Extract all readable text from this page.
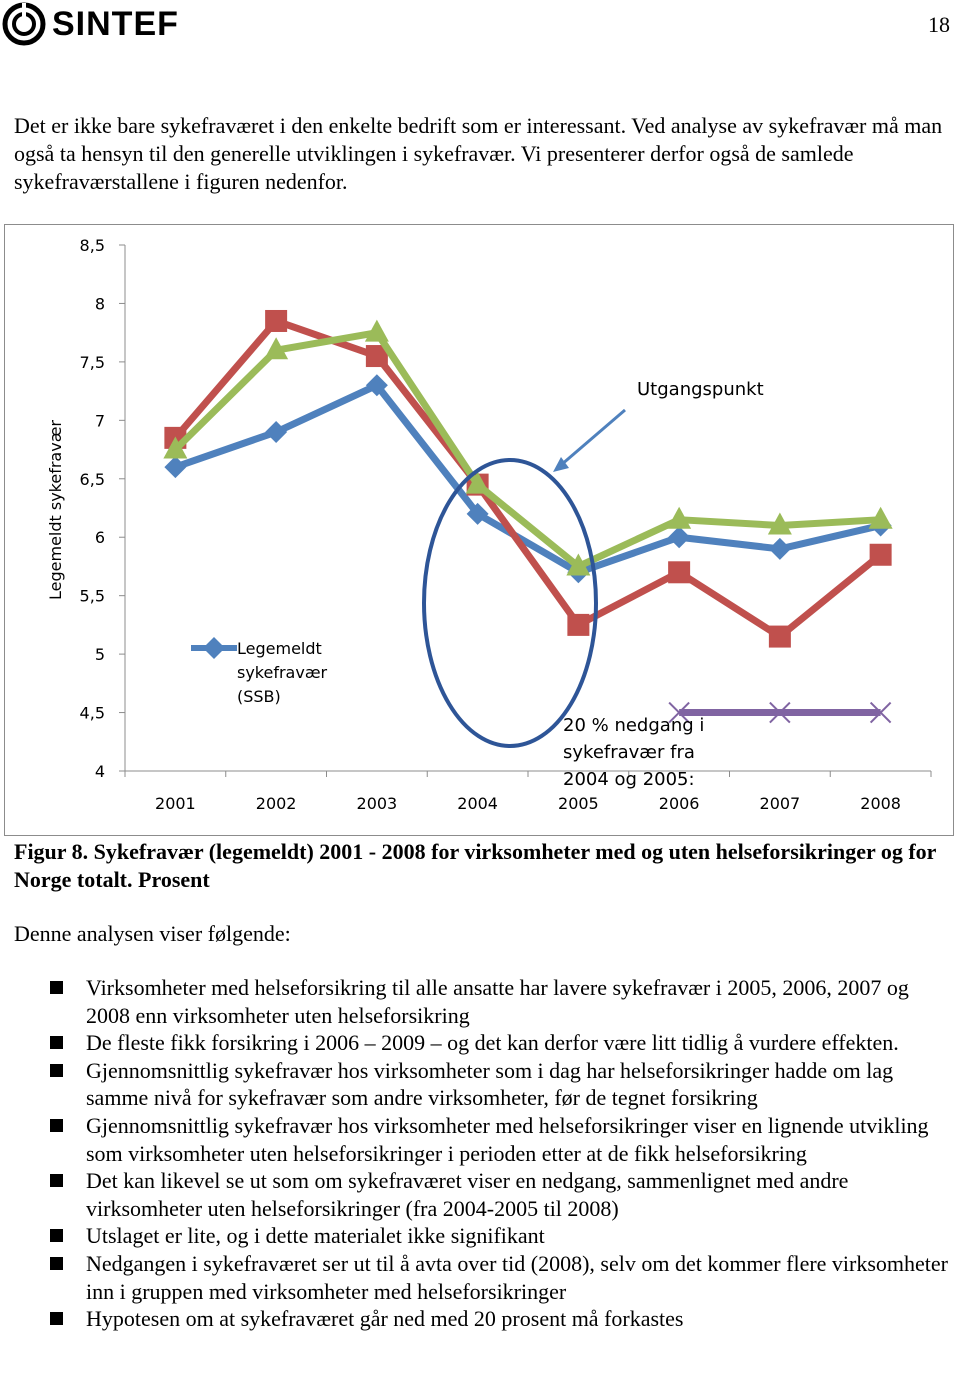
SINTEF	18

Det er ikke bare sykefraværet i den enkelte bedrift som er interessant. Ved analyse av sykefravær må man også ta hensyn til den generelle utviklingen i sykefravær. Vi presenterer derfor også de samlede sykefraværstallene i figuren nedenfor.

8,5
8
7,5
7
6,5
6
5,5
5
4,5
4
Legemeldt sykefravær
2001	2002	2003	2004	2005	2006	2007	2008
Legemeldt
sykefravær
(SSB)
Utgangspunkt
20 % nedgang i
sykefravær fra
2004 og 2005:

Figur 8. Sykefravær (legemeldt) 2001 - 2008 for virksomheter med og uten helseforsikringer og for Norge totalt. Prosent

Denne analysen viser følgende:

Virksomheter med helseforsikring til alle ansatte har lavere sykefravær i 2005, 2006, 2007 og 2008 enn virksomheter uten helseforsikring
De fleste fikk forsikring i 2006 – 2009 – og det kan derfor være litt tidlig å vurdere effekten.
Gjennomsnittlig sykefravær hos virksomheter som i dag har helseforsikringer hadde om lag samme nivå for sykefravær som andre virksomheter, før de tegnet forsikring
Gjennomsnittlig sykefravær hos virksomheter med helseforsikringer viser en lignende utvikling som virksomheter uten helseforsikringer i perioden etter at de fikk helseforsikring
Det kan likevel se ut som om sykefraværet viser en nedgang, sammenlignet med andre virksomheter uten helseforsikringer (fra 2004-2005 til 2008)
Utslaget er lite, og i dette materialet ikke signifikant
Nedgangen i sykefraværet ser ut til å avta over tid (2008), selv om det kommer flere virksomheter inn i gruppen med virksomheter med helseforsikringer
Hypotesen om at sykefraværet går ned med 20 prosent må forkastes
